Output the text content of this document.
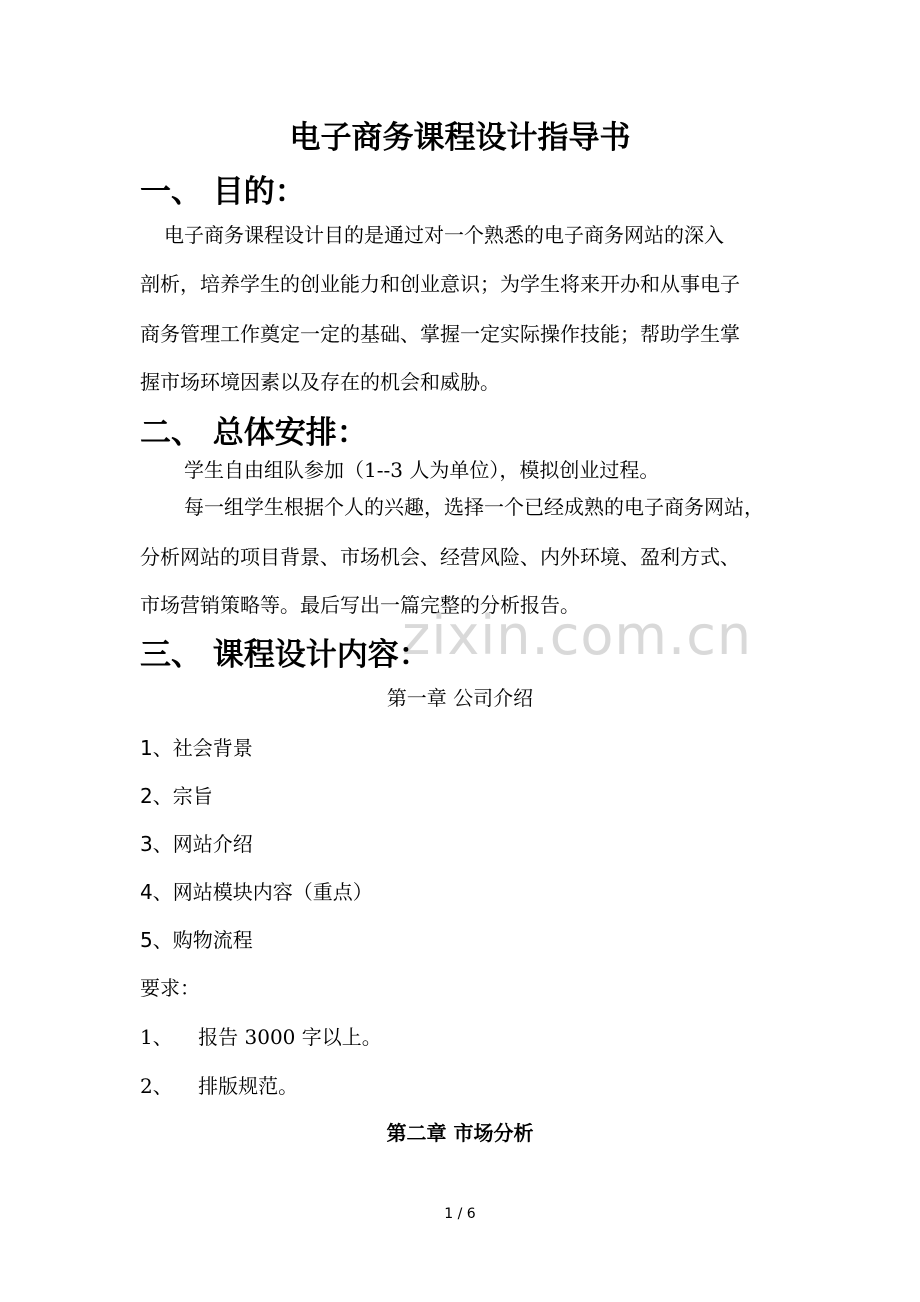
电子商务课程设计指导书
一、 目的：
电子商务课程设计目的是通过对一个熟悉的电子商务网站的深入
剖析，培养学生的创业能力和创业意识；为学生将来开办和从事电子
商务管理工作奠定一定的基础、掌握一定实际操作技能；帮助学生掌
握市场环境因素以及存在的机会和威胁。
二、 总体安排：
学生自由组队参加（1--3 人为单位），模拟创业过程。
每一组学生根据个人的兴趣，选择一个已经成熟的电子商务网站，
分析网站的项目背景、市场机会、经营风险、内外环境、盈利方式、
市场营销策略等。最后写出一篇完整的分析报告。
zixin.com.cn
三、 课程设计内容：
第一章 公司介绍
1、社会背景
2、宗旨
3、网站介绍
4、网站模块内容（重点）
5、购物流程
要求：
1、    报告 3000 字以上。
2、    排版规范。
第二章 市场分析
1 / 6
